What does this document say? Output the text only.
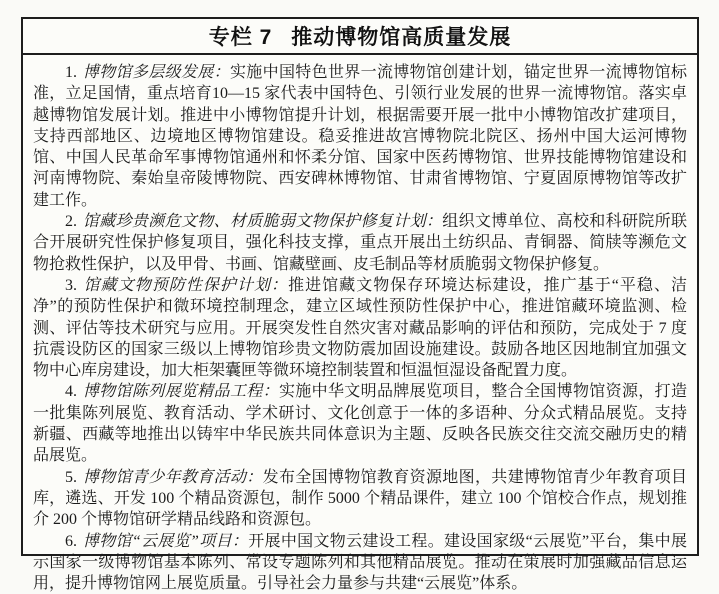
专栏 7 推动博物馆高质量发展

1. 博物馆多层级发展：实施中国特色世界一流博物馆创建计划，锚定世界一流博物馆标准，立足国情，重点培育10—15 家代表中国特色、引领行业发展的世界一流博物馆。落实卓越博物馆发展计划。推进中小博物馆提升计划，根据需要开展一批中小博物馆改扩建项目，支持西部地区、边境地区博物馆建设。稳妥推进故宫博物院北院区、扬州中国大运河博物馆、中国人民革命军事博物馆通州和怀柔分馆、国家中医药博物馆、世界技能博物馆建设和河南博物院、秦始皇帝陵博物院、西安碑林博物馆、甘肃省博物馆、宁夏固原博物馆等改扩建工作。

2. 馆藏珍贵濒危文物、材质脆弱文物保护修复计划：组织文博单位、高校和科研院所联合开展研究性保护修复项目，强化科技支撑，重点开展出土纺织品、青铜器、简牍等濒危文物抢救性保护，以及甲骨、书画、馆藏壁画、皮毛制品等材质脆弱文物保护修复。

3. 馆藏文物预防性保护计划：推进馆藏文物保存环境达标建设，推广基于“平稳、洁净”的预防性保护和微环境控制理念，建立区域性预防性保护中心，推进馆藏环境监测、检测、评估等技术研究与应用。开展突发性自然灾害对藏品影响的评估和预防，完成处于 7 度抗震设防区的国家三级以上博物馆珍贵文物防震加固设施建设。鼓励各地区因地制宜加强文物中心库房建设，加大柜架囊匣等微环境控制装置和恒温恒湿设备配置力度。

4. 博物馆陈列展览精品工程：实施中华文明品牌展览项目，整合全国博物馆资源，打造一批集陈列展览、教育活动、学术研讨、文化创意于一体的多语种、分众式精品展览。支持新疆、西藏等地推出以铸牢中华民族共同体意识为主题、反映各民族交往交流交融历史的精品展览。

5. 博物馆青少年教育活动：发布全国博物馆教育资源地图，共建博物馆青少年教育项目库，遴选、开发 100 个精品资源包，制作 5000 个精品课件，建立 100 个馆校合作点，规划推介 200 个博物馆研学精品线路和资源包。

6. 博物馆“云展览”项目：开展中国文物云建设工程。建设国家级“云展览”平台，集中展示国家一级博物馆基本陈列、常设专题陈列和其他精品展览。推动在策展时加强藏品信息运用，提升博物馆网上展览质量。引导社会力量参与共建“云展览”体系。
